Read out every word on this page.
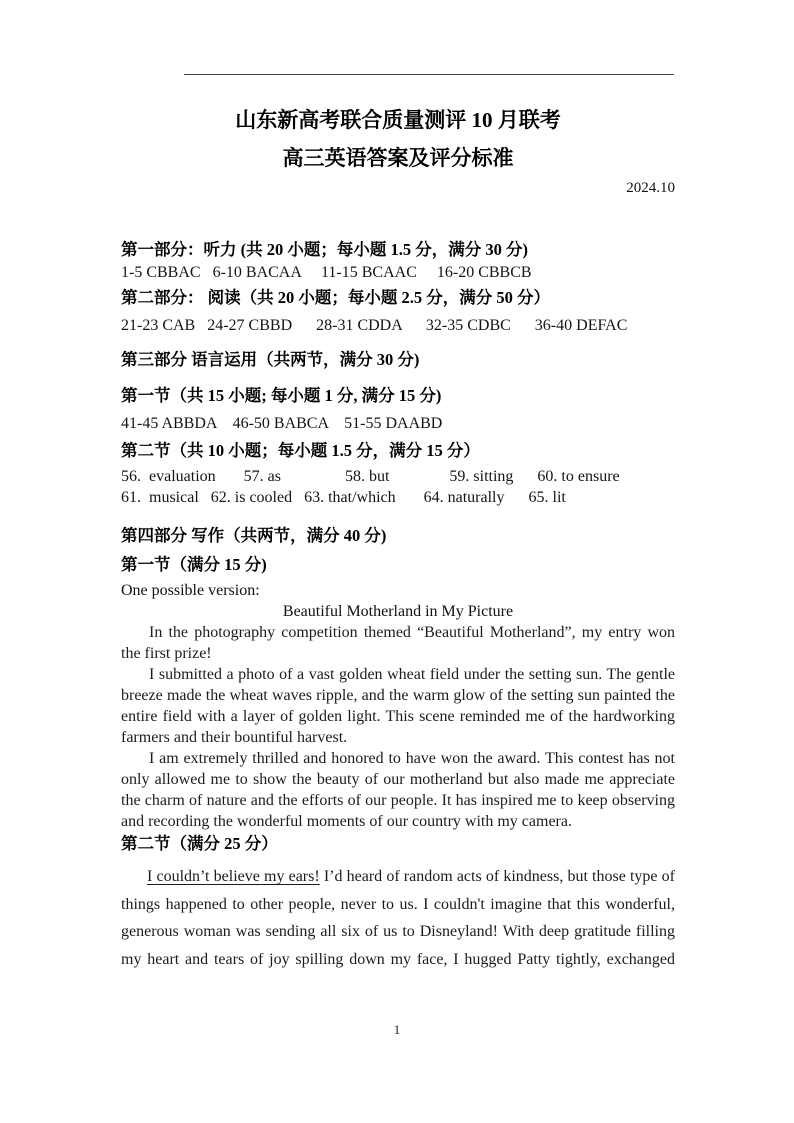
山东新高考联合质量测评 10 月联考
高三英语答案及评分标准
2024.10
第一部分：听力 (共 20 小题；每小题 1.5 分，满分 30 分)
1-5 CBBAC   6-10 BACAA     11-15 BCAAC     16-20 CBBCB
第二部分： 阅读（共 20 小题；每小题 2.5 分，满分 50 分）
21-23 CAB   24-27 CBBD      28-31 CDDA      32-35 CDBC      36-40 DEFAC
第三部分 语言运用（共两节，满分 30 分)
第一节（共 15 小题; 每小题 1 分, 满分 15 分)
41-45 ABBDA    46-50 BABCA    51-55 DAABD
第二节（共 10 小题；每小题 1.5 分，满分 15 分）
56.  evaluation       57. as                58. but               59. sitting      60. to ensure
61.  musical   62. is cooled   63. that/which       64. naturally      65. lit
第四部分 写作（共两节，满分 40 分)
第一节（满分 15 分)
One possible version:
Beautiful Motherland in My Picture
In the photography competition themed “Beautiful Motherland”, my entry won the first prize!
I submitted a photo of a vast golden wheat field under the setting sun. The gentle breeze made the wheat waves ripple, and the warm glow of the setting sun painted the entire field with a layer of golden light. This scene reminded me of the hardworking farmers and their bountiful harvest.
I am extremely thrilled and honored to have won the award. This contest has not only allowed me to show the beauty of our motherland but also made me appreciate the charm of nature and the efforts of our people. It has inspired me to keep observing and recording the wonderful moments of our country with my camera.
第二节（满分 25 分）
I couldn’t believe my ears! I’d heard of random acts of kindness, but those type of things happened to other people, never to us. I couldn't imagine that this wonderful, generous woman was sending all six of us to Disneyland! With deep gratitude filling my heart and tears of joy spilling down my face, I hugged Patty tightly, exchanged
1
